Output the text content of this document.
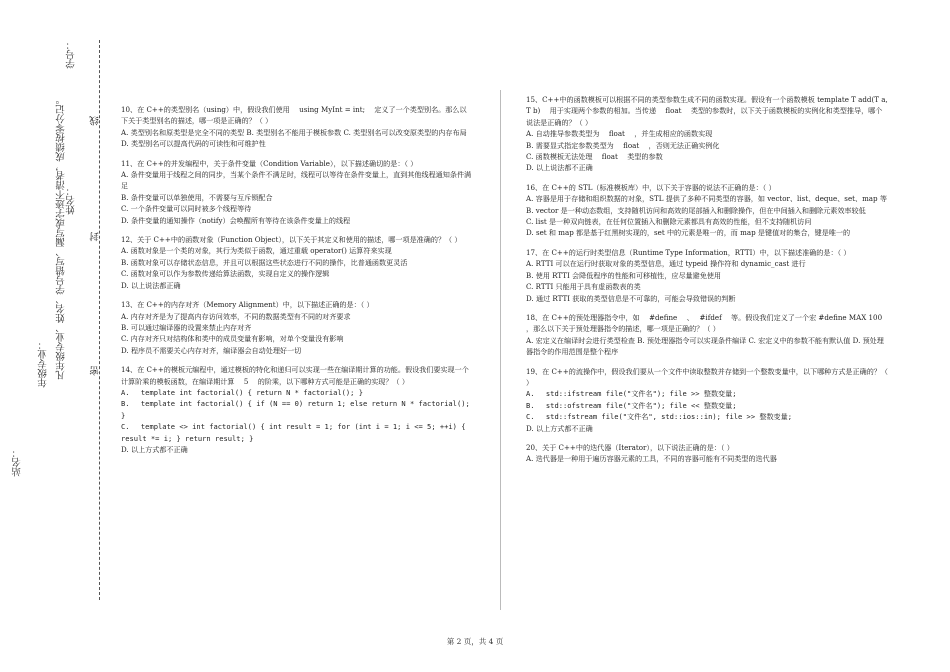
站名：
年级专业：	密
凡年级专业、姓名、学号错写、漏写或字迹不清者，成绩按零分记。 封
姓名：
线
学号：

10、在 C++的类型别名（using）中，假设我们使用　 using MyInt = int;　 定义了一个类型别名。那么以下关于类型别名的描述，哪一项是正确的？（ ）

A. 类型别名和原类型是完全不同的类型 B. 类型别名不能用于模板参数 C. 类型别名可以改变原类型的内存布局 D. 类型别名可以提高代码的可读性和可维护性

11、在 C++的并发编程中，关于条件变量（Condition Variable），以下描述确切的是：（ ）

A. 条件变量用于线程之间的同步，当某个条件不满足时，线程可以等待在条件变量上，直到其他线程通知条件满足

B. 条件变量可以单独使用，不需要与互斥锁配合

C. 一个条件变量可以同时被多个线程等待

D. 条件变量的通知操作（notify）会唤醒所有等待在该条件变量上的线程

12、关于 C++中的函数对象（Function Object），以下关于其定义和使用的描述，哪一项是准确的？（ ）

A. 函数对象是一个类的对象，其行为类似于函数，通过重载 operator() 运算符来实现

B. 函数对象可以存储状态信息，并且可以根据这些状态进行不同的操作，比普通函数更灵活

C. 函数对象可以作为参数传递给算法函数，实现自定义的操作逻辑

D. 以上说法都正确

13、在 C++的内存对齐（Memory Alignment）中，以下描述正确的是：（ ）

A. 内存对齐是为了提高内存访问效率，不同的数据类型有不同的对齐要求

B. 可以通过编译器的设置来禁止内存对齐

C. 内存对齐只对结构体和类中的成员变量有影响，对单个变量没有影响

D. 程序员不需要关心内存对齐，编译器会自动处理好一切

14、在 C++的模板元编程中，通过模板的特化和递归可以实现一些在编译期计算的功能。假设我们要实现一个计算阶乘的模板函数，在编译期计算　 5　 的阶乘，以下哪种方式可能是正确的实现？（ ）

A.　 template int factorial() { return N * factorial(); }

B.　 template int factorial() { if (N == 0) return 1; else return N * factorial(); }

C.　 template <> int factorial() { int result = 1; for (int i = 1; i <= 5; ++i) { result *= i; } return result; }

D. 以上方式都不正确

15、C++中的函数模板可以根据不同的类型参数生成不同的函数实现。假设有一个函数模板 template T add(T a, T b)　 用于实现两个参数的相加。当传递　 float　 类型的参数时，以下关于函数模板的实例化和类型推导，哪个说法是正确的？（ ）

A. 自动推导参数类型为　 float　 ，并生成相应的函数实现

B. 需要显式指定参数类型为　 float　 ，否则无法正确实例化

C. 函数模板无法处理　 float　 类型的参数

D. 以上说法都不正确

16、在 C++的 STL（标准模板库）中，以下关于容器的说法不正确的是：（ ）

A. 容器是用于存储和组织数据的对象，STL 提供了多种不同类型的容器，如 vector、list、deque、set、map 等

B. vector 是一种动态数组，支持随机访问和高效的尾部插入和删除操作，但在中间插入和删除元素效率较低

C. list 是一种双向链表，在任何位置插入和删除元素都具有高效的性能，但不支持随机访问

D. set 和 map 都是基于红黑树实现的，set 中的元素是唯一的，而 map 是键值对的集合，键是唯一的

17、在 C++的运行时类型信息（Runtime Type Information，RTTI）中，以下描述准确的是：（ ）

A. RTTI 可以在运行时获取对象的类型信息，通过 typeid 操作符和 dynamic_cast 进行

B. 使用 RTTI 会降低程序的性能和可移植性，应尽量避免使用

C. RTTI 只能用于具有虚函数表的类

D. 通过 RTTI 获取的类型信息是不可靠的，可能会导致错误的判断

18、在 C++的预处理器指令中，如　 #define　 、　 #ifdef　 等。假设我们定义了一个宏 #define MAX 100　 ，那么以下关于预处理器指令的描述，哪一项是正确的？（ ）

A. 宏定义在编译时会进行类型检查 B. 预处理器指令可以实现条件编译 C. 宏定义中的参数不能有默认值 D. 预处理器指令的作用范围是整个程序

19、在 C++的流操作中，假设我们要从一个文件中读取整数并存储到一个整数变量中，以下哪种方式是正确的？（ ）

A.　 std::ifstream file("文件名"); file >> 整数变量;

B.　 std::ofstream file("文件名"); file << 整数变量;

C.　 std::fstream file("文件名", std::ios::in); file >> 整数变量;

D. 以上方式都不正确

20、关于 C++中的迭代器（Iterator），以下说法正确的是：（ ）

A. 迭代器是一种用于遍历容器元素的工具，不同的容器可能有不同类型的迭代器

第 2 页，共 4 页
